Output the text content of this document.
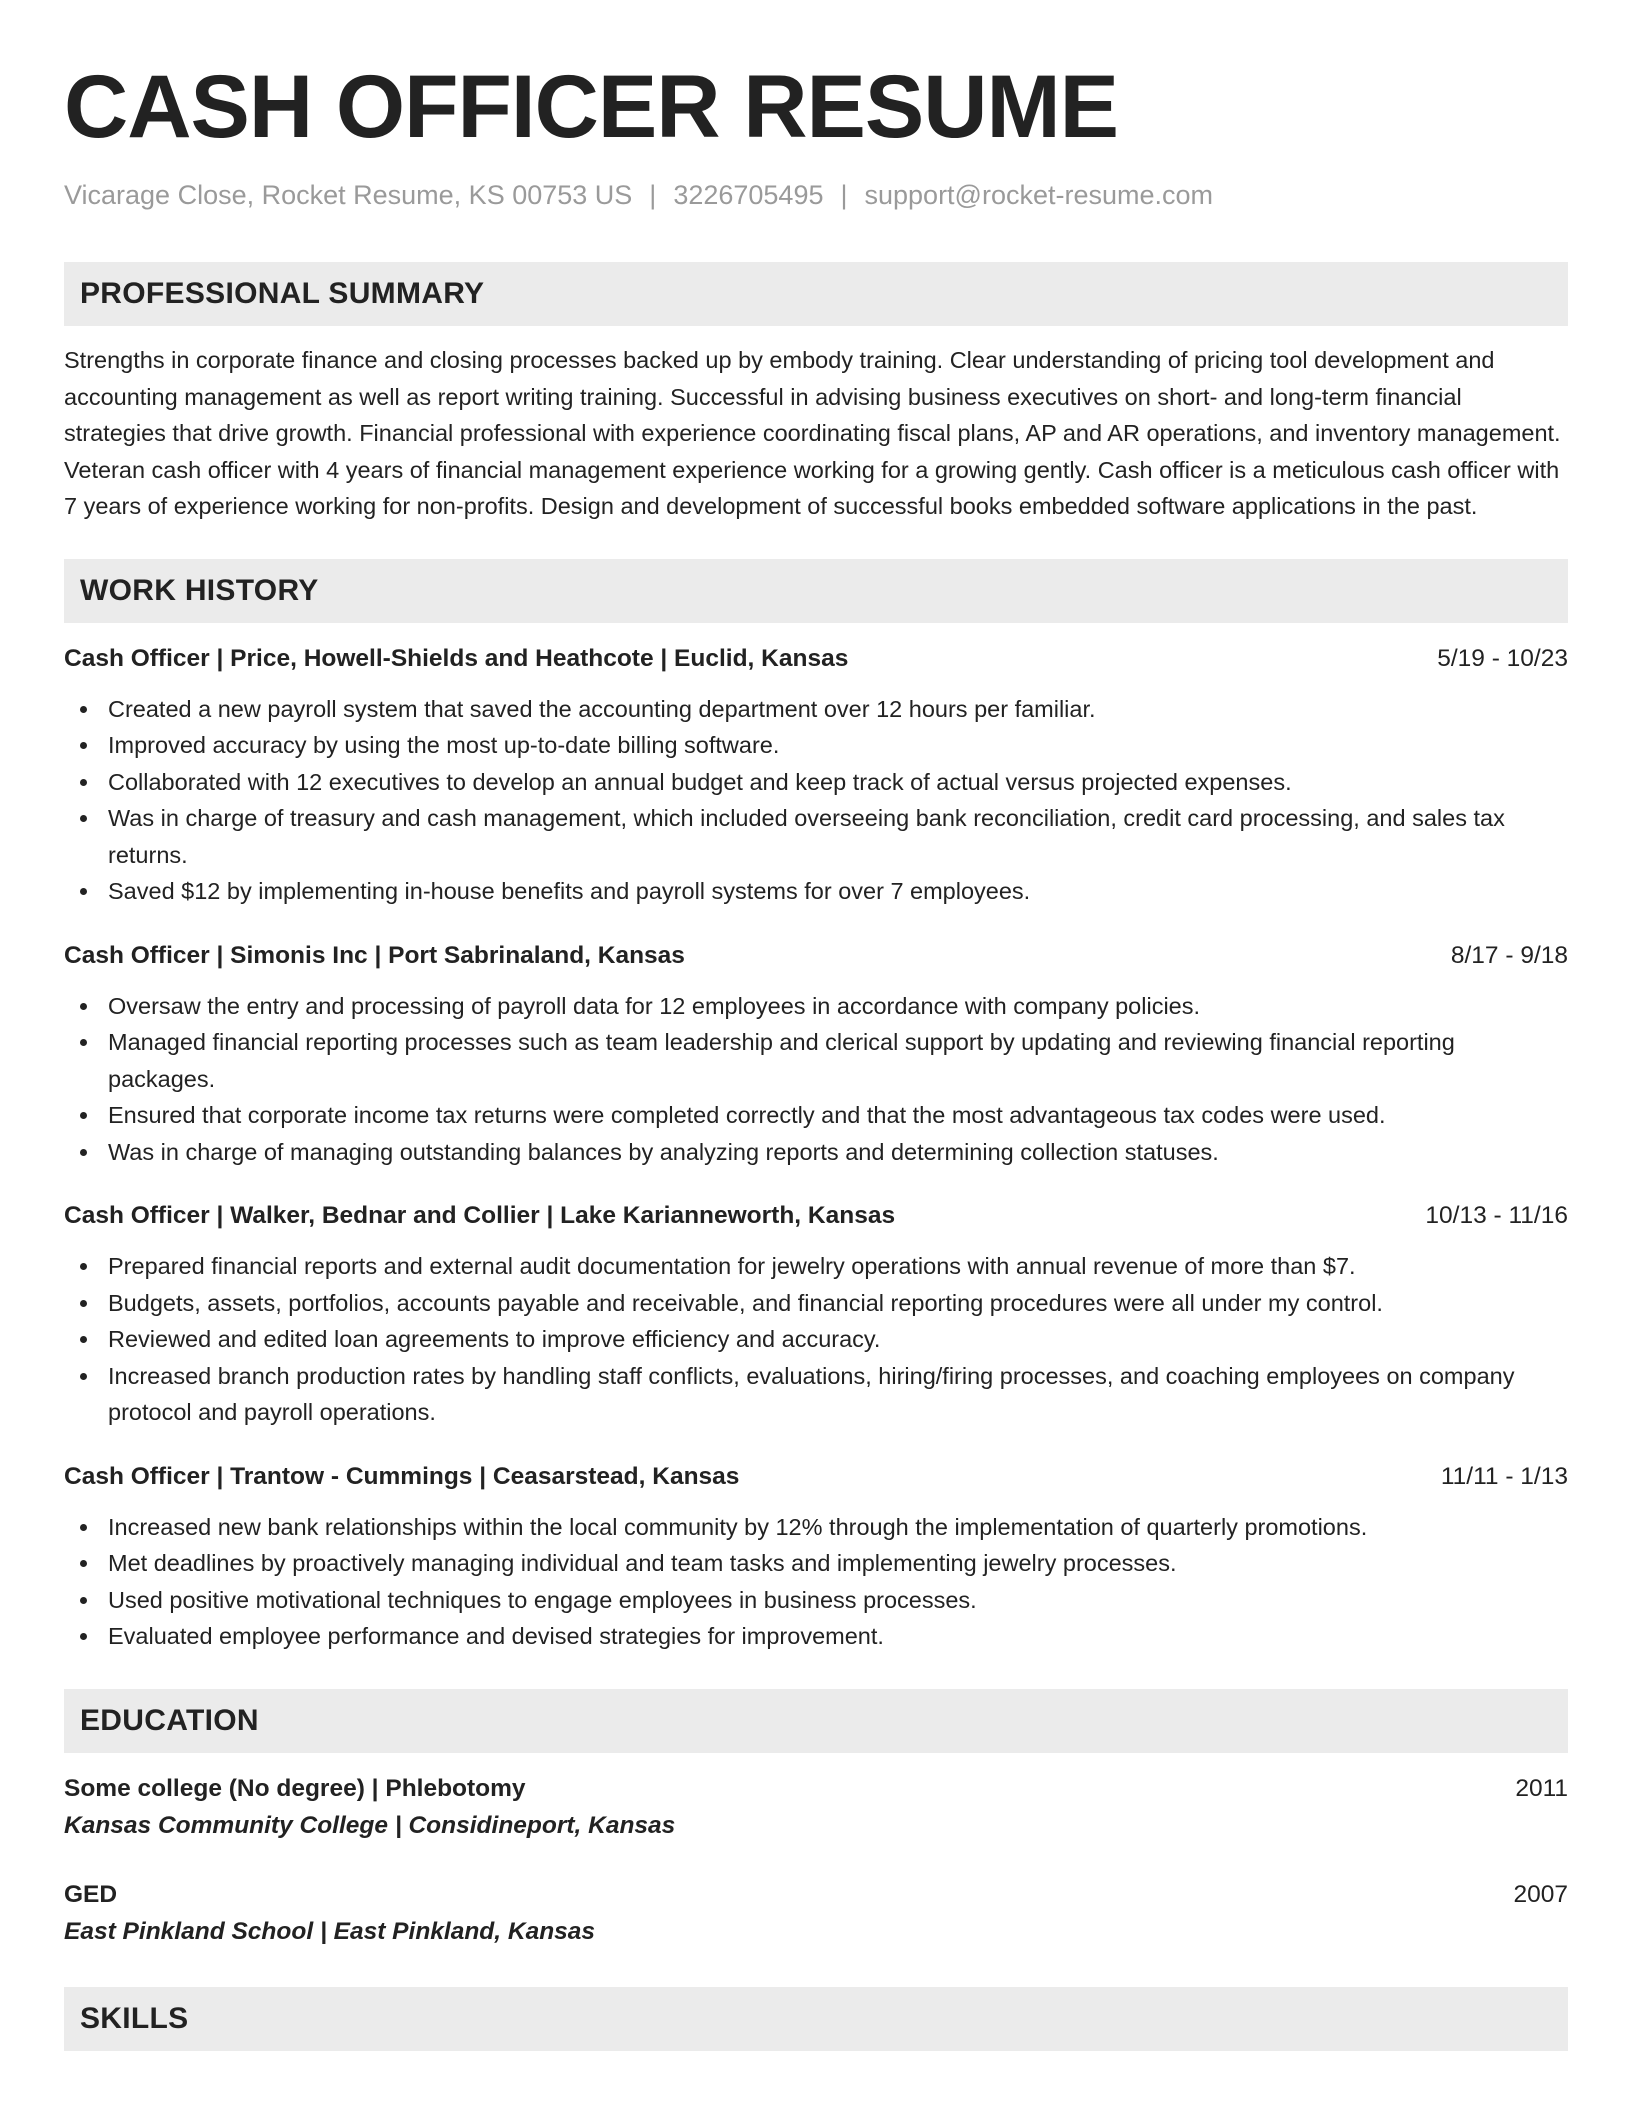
CASH OFFICER RESUME
Vicarage Close, Rocket Resume, KS 00753 US | 3226705495 | support@rocket-resume.com
PROFESSIONAL SUMMARY
Strengths in corporate finance and closing processes backed up by embody training. Clear understanding of pricing tool development and accounting management as well as report writing training. Successful in advising business executives on short- and long-term financial strategies that drive growth. Financial professional with experience coordinating fiscal plans, AP and AR operations, and inventory management. Veteran cash officer with 4 years of financial management experience working for a growing gently. Cash officer is a meticulous cash officer with 7 years of experience working for non-profits. Design and development of successful books embedded software applications in the past.
WORK HISTORY
Cash Officer | Price, Howell-Shields and Heathcote | Euclid, Kansas	5/19 - 10/23
Created a new payroll system that saved the accounting department over 12 hours per familiar.
Improved accuracy by using the most up-to-date billing software.
Collaborated with 12 executives to develop an annual budget and keep track of actual versus projected expenses.
Was in charge of treasury and cash management, which included overseeing bank reconciliation, credit card processing, and sales tax returns.
Saved $12 by implementing in-house benefits and payroll systems for over 7 employees.
Cash Officer | Simonis Inc | Port Sabrinaland, Kansas	8/17 - 9/18
Oversaw the entry and processing of payroll data for 12 employees in accordance with company policies.
Managed financial reporting processes such as team leadership and clerical support by updating and reviewing financial reporting packages.
Ensured that corporate income tax returns were completed correctly and that the most advantageous tax codes were used.
Was in charge of managing outstanding balances by analyzing reports and determining collection statuses.
Cash Officer | Walker, Bednar and Collier | Lake Karianneworth, Kansas	10/13 - 11/16
Prepared financial reports and external audit documentation for jewelry operations with annual revenue of more than $7.
Budgets, assets, portfolios, accounts payable and receivable, and financial reporting procedures were all under my control.
Reviewed and edited loan agreements to improve efficiency and accuracy.
Increased branch production rates by handling staff conflicts, evaluations, hiring/firing processes, and coaching employees on company protocol and payroll operations.
Cash Officer | Trantow - Cummings | Ceasarstead, Kansas	11/11 - 1/13
Increased new bank relationships within the local community by 12% through the implementation of quarterly promotions.
Met deadlines by proactively managing individual and team tasks and implementing jewelry processes.
Used positive motivational techniques to engage employees in business processes.
Evaluated employee performance and devised strategies for improvement.
EDUCATION
Some college (No degree) | Phlebotomy	2011
Kansas Community College | Considineport, Kansas
GED	2007
East Pinkland School | East Pinkland, Kansas
SKILLS
